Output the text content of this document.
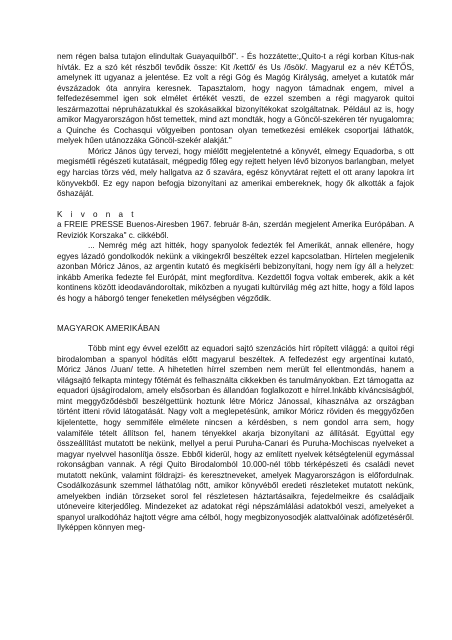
nem régen balsa tutajon elindultak Guayaquilből". - És hozzátette:„Quito-t a régi korban Kitus-nak hívták. Ez a szó két részből tevődik össze: Kit /kettő/ és Us /ősök/. Magyarul ez a név KÉTŐS, amelynek itt ugyanaz a jelentése. Ez volt a régi Góg és Magóg Királyság, amelyet a kutatók már évszázadok óta annyira keresnek. Tapasztalom, hogy nagyon támadnak engem, mivel a felfedezésemmel igen sok elmélet értékét veszti, de ezzel szemben a régi magyarok quitoi leszármazottai népruházatukkal és szokásaikkal bizonyítékokat szolgáltatnak. Például az is, hogy amikor Magyarországon hőst temettek, mind azt mondták, hogy a Göncöl-szekéren tér nyugalomra; a Quinche és Cochasqui völgyeiben pontosan olyan temetkezési emlékek csoportjai láthatók, melyek hűen utánozzáka Göncöl-szekér alakját."

Móricz János úgy tervezi, hogy miélőtt megjelentetné a könyvét, elmegy Equadorba, s ott megismétli régészeti kutatásait, mégpedig főleg egy rejtett helyen lévő bizonyos barlangban, melyet egy harcias törzs véd, mely hallgatva az ő szavára, egész könyvtárat rejtett el ott arany lapokra írt könyvekből. Ez egy napon befogja bizonyítani az amerikai embereknek, hogy ők alkották a fajok őshazáját.

K i v o n a t

a FREIE PRESSE Buenos-Airesben 1967. február 8-án, szerdán megjelent Amerika Európában. A Reviziók Korszaka" c. cikkéből.

... Nemrég még azt hitték, hogy spanyolok fedezték fel Amerikát, annak ellenére, hogy egyes lázadó gondolkodók nekünk a vikingekről beszéltek ezzel kapcsolatban. Hírtelen megjelenik azonban Móricz János, az argentin kutató és megkísérli bebizonyítani, hogy nem így áll a helyzet: inkább Amerika fedezte fel Európát, mint megfordítva. Kezdettől fogva voltak emberek, akik a két kontinens között ideodavándoroltak, miközben a nyugati kultúrvilág még azt hitte, hogy a föld lapos és hogy a háborgó tenger feneketlen mélységben végződik.

MAGYAROK AMERIKÁBAN

Több mint egy évvel ezelőtt az equadori sajtó szenzációs hírt röpített világgá: a quitoi régi birodalomban a spanyol hódítás előtt magyarul beszéltek. A felfedezést egy argentínai kutató, Móricz János /Juan/ tette. A hihetetlen hírrel szemben nem merült fel ellentmondás, hanem a világsajtó felkapta mintegy főtémát és felhasználta cikkekben és tanulmányokban. Ezt támogatta az equadori újságírodalom, amely elsősorban és állandóan foglalkozott e hírrel.Inkább kíváncsiságból, mint meggyőződésből beszélgettünk hoztunk létre Móricz Jánossal, kihasználva az országban történt itteni rövid látogatását. Nagy volt a meglepetésünk, amikor Móricz röviden és meggyőzően kijelentette, hogy semmiféle elmélete nincsen a kérdésben, s nem gondol arra sem, hogy valamiféle tételt állítson fel, hanem tényekkel akarja bizonyítani az állítását. Egyúttal egy összeállítást mutatott be nekünk, mellyel a perui Puruha-Canari és Puruha-Mochiscas nyelveket a magyar nyelvvel hasonlítja össze. Ebből kiderül, hogy az említett nyelvek kétségtelenül egymással rokonságban vannak. A régi Quito Birodalomból 10.000-nél több térképészeti és családi nevet mutatott nekünk, valamint földrajzi- és keresztneveket, amelyek Magyarországon is előfordulnak. Csodálkozásunk szemmel láthatólag nőtt, amikor könyvéből eredeti részleteket mutatott nekünk, amelyekben indián törzseket sorol fel részletesen háztartásaikra, fejedelmeikre és családjaik utóneveire kiterjedőleg. Mindezeket az adatokat régi népszámlálási adatokból veszi, amelyeket a spanyol uralkodóház hajtott végre ama célból, hogy megbizonyosodjék alattvalóinak adófizetéséről. Ilyképpen könnyen meg-
